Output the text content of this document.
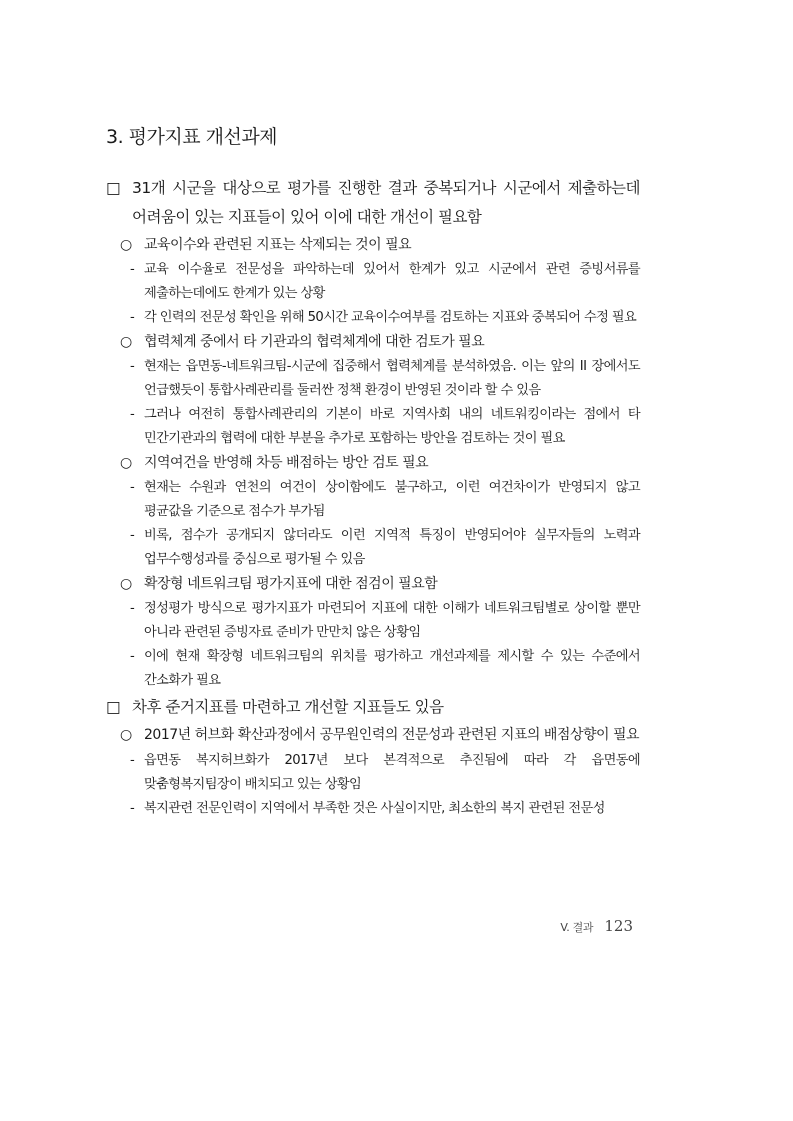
3. 평가지표 개선과제
□ 31개 시군을 대상으로 평가를 진행한 결과 중복되거나 시군에서 제출하는데 어려움이 있는 지표들이 있어 이에 대한 개선이 필요함
○ 교육이수와 관련된 지표는 삭제되는 것이 필요
- 교육 이수율로 전문성을 파악하는데 있어서 한계가 있고 시군에서 관련 증빙서류를 제출하는데에도 한계가 있는 상황
- 각 인력의 전문성 확인을 위해 50시간 교육이수여부를 검토하는 지표와 중복되어 수정 필요
○ 협력체계 중에서 타 기관과의 협력체계에 대한 검토가 필요
- 현재는 읍면동-네트워크팀-시군에 집중해서 협력체계를 분석하였음. 이는 앞의 II 장에서도 언급했듯이 통합사례관리를 둘러싼 정책 환경이 반영된 것이라 할 수 있음
- 그러나 여전히 통합사례관리의 기본이 바로 지역사회 내의 네트워킹이라는 점에서 타 민간기관과의 협력에 대한 부분을 추가로 포함하는 방안을 검토하는 것이 필요
○ 지역여건을 반영해 차등 배점하는 방안 검토 필요
- 현재는 수원과 연천의 여건이 상이함에도 불구하고, 이런 여건차이가 반영되지 않고 평균값을 기준으로 점수가 부가됨
- 비록, 점수가 공개되지 않더라도 이런 지역적 특징이 반영되어야 실무자들의 노력과 업무수행성과를 중심으로 평가될 수 있음
○ 확장형 네트워크팀 평가지표에 대한 점검이 필요함
- 정성평가 방식으로 평가지표가 마련되어 지표에 대한 이해가 네트워크팀별로 상이할 뿐만 아니라 관련된 증빙자료 준비가 만만치 않은 상황임
- 이에 현재 확장형 네트워크팀의 위치를 평가하고 개선과제를 제시할 수 있는 수준에서 간소화가 필요
□ 차후 준거지표를 마련하고 개선할 지표들도 있음
○ 2017년 허브화 확산과정에서 공무원인력의 전문성과 관련된 지표의 배점상향이 필요
- 읍면동 복지허브화가 2017년 보다 본격적으로 추진됨에 따라 각 읍면동에 맞춤형복지팀장이 배치되고 있는 상황임
- 복지관련 전문인력이 지역에서 부족한 것은 사실이지만, 최소한의 복지 관련된 전문성
V. 결과 123
